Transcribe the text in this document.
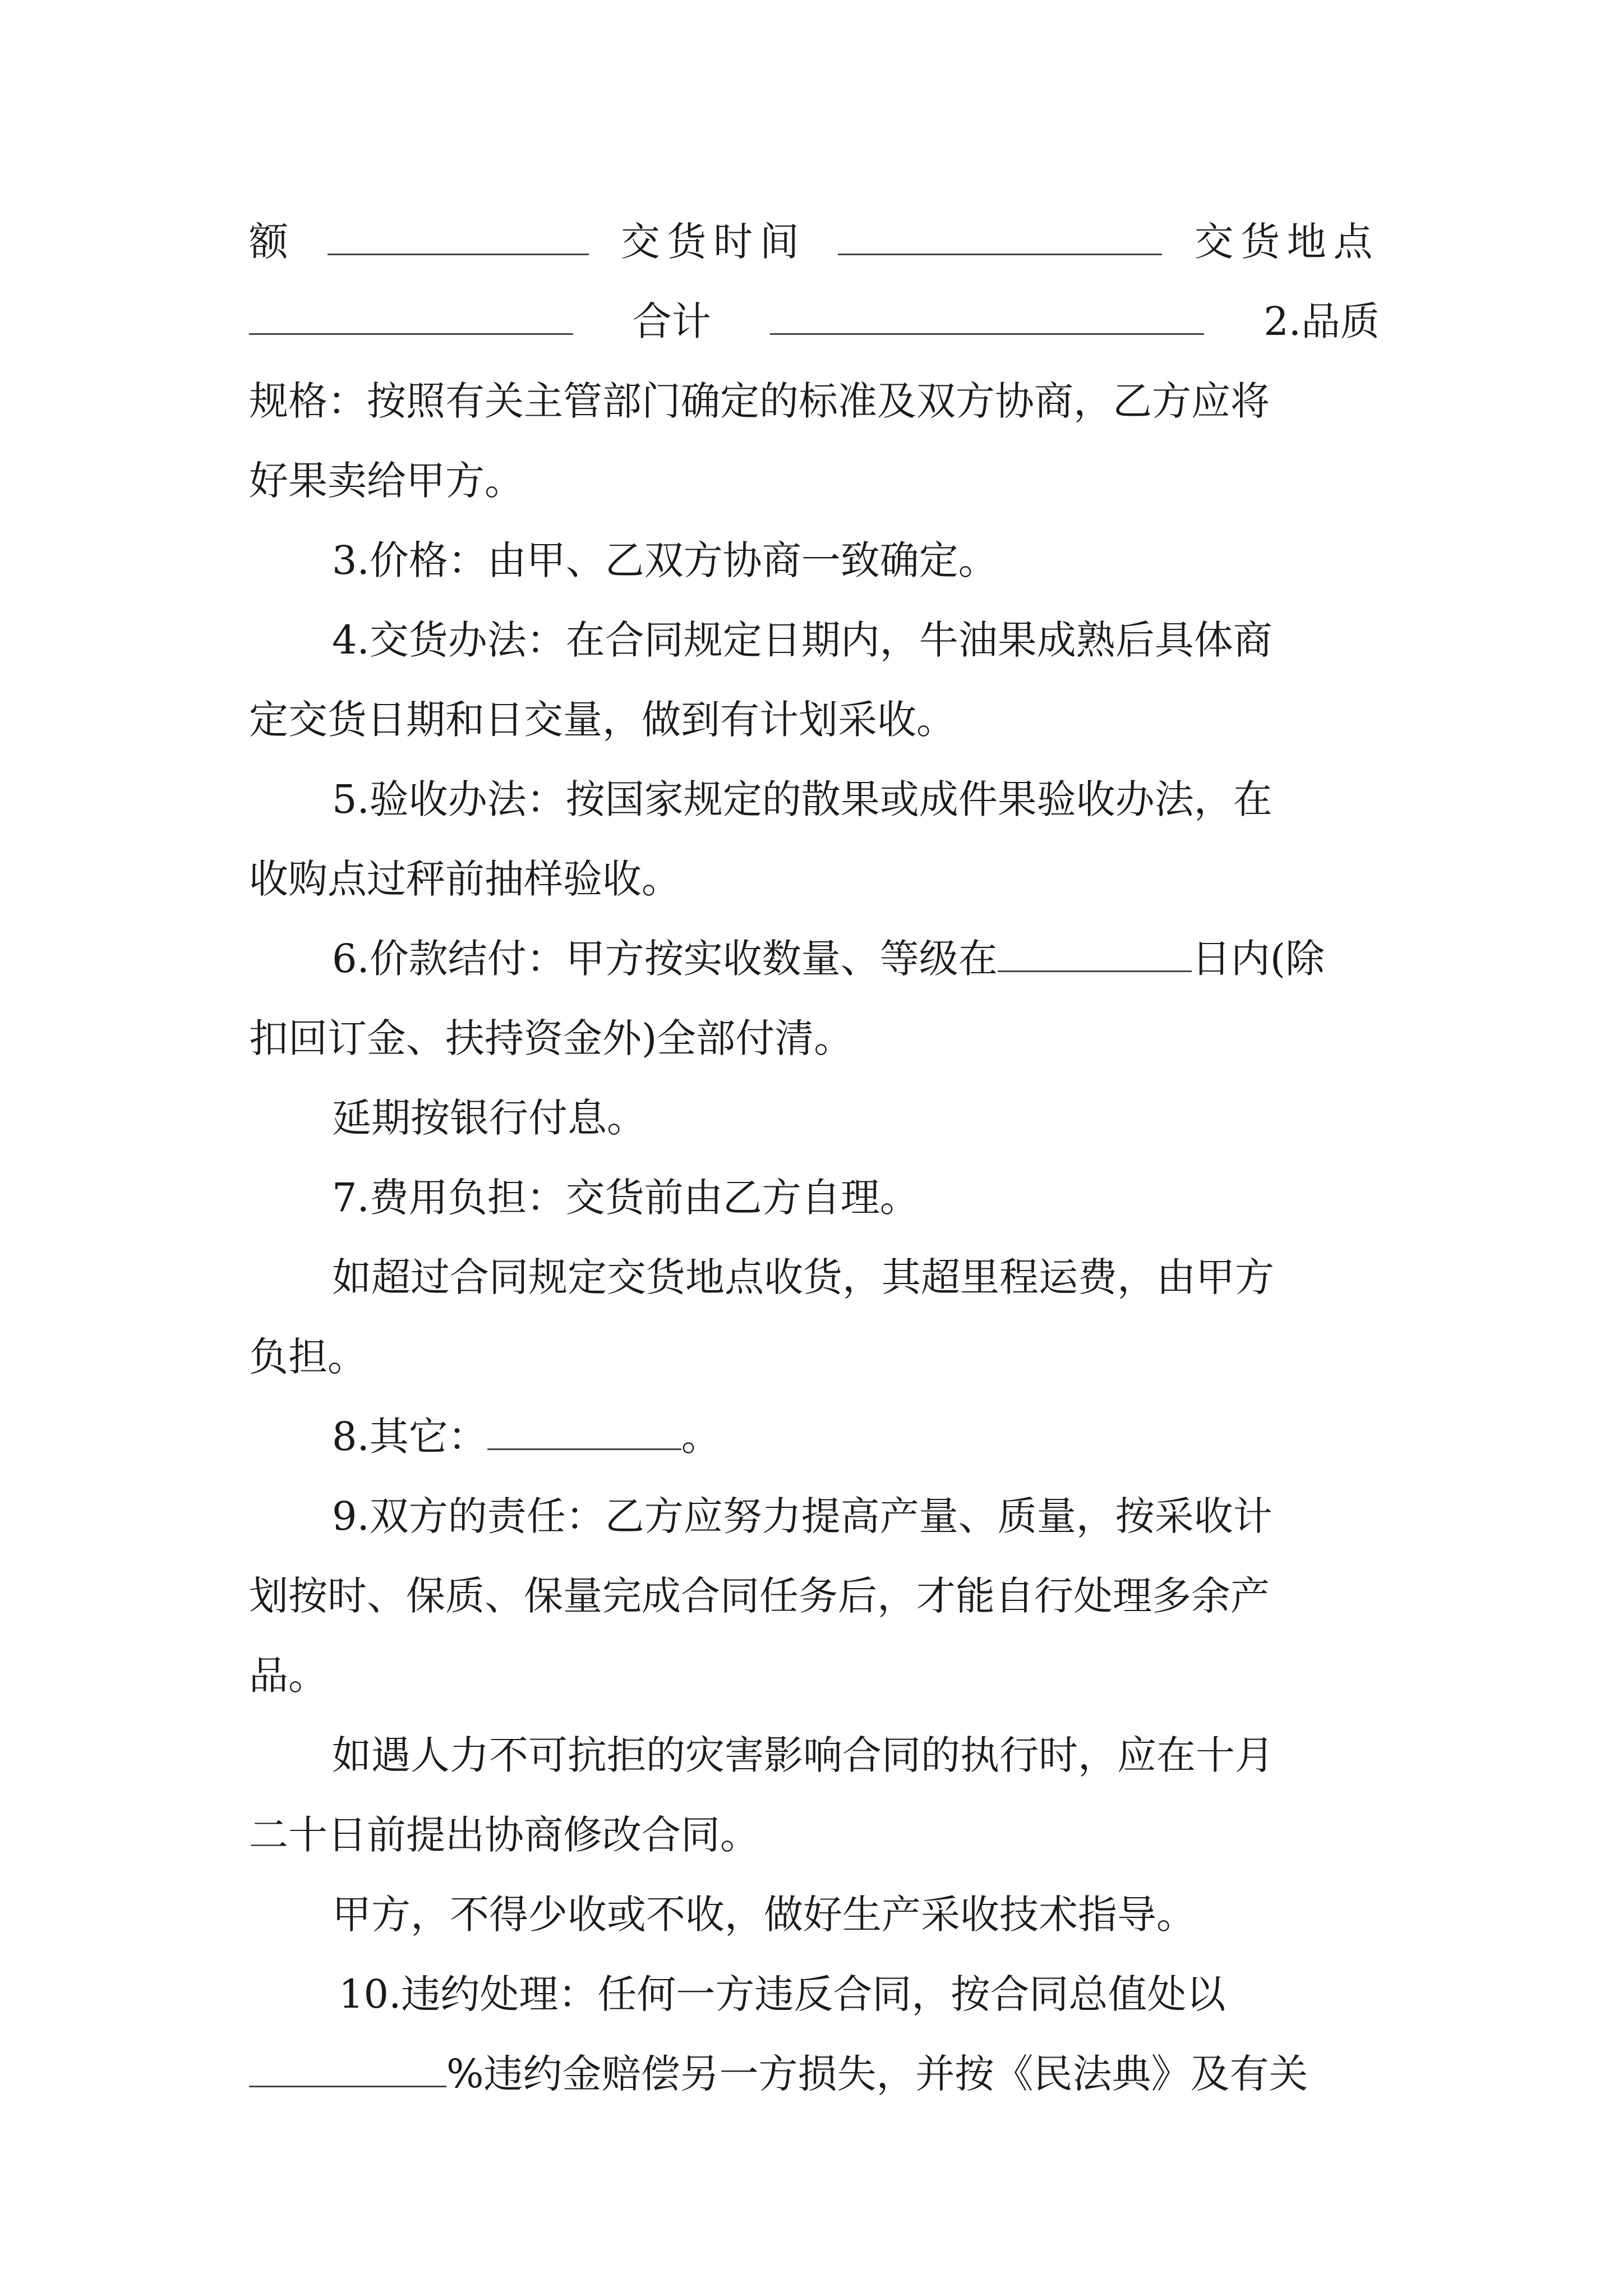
额	交货时间	交货地点
合计	2.品质
规格：按照有关主管部门确定的标准及双方协商，乙方应将
好果卖给甲方。
3.价格：由甲、乙双方协商一致确定。
4.交货办法：在合同规定日期内，牛油果成熟后具体商
定交货日期和日交量，做到有计划采收。
5.验收办法：按国家规定的散果或成件果验收办法，在
收购点过秤前抽样验收。
6.价款结付：甲方按实收数量、等级在	日内(除
扣回订金、扶持资金外)全部付清。
延期按银行付息。
7.费用负担：交货前由乙方自理。
如超过合同规定交货地点收货，其超里程运费，由甲方
负担。
8.其它：	。
9.双方的责任：乙方应努力提高产量、质量，按采收计
划按时、保质、保量完成合同任务后，才能自行处理多余产
品。
如遇人力不可抗拒的灾害影响合同的执行时，应在十月
二十日前提出协商修改合同。
甲方，不得少收或不收，做好生产采收技术指导。
10.违约处理：任何一方违反合同，按合同总值处以
%违约金赔偿另一方损失，并按《民法典》及有关
